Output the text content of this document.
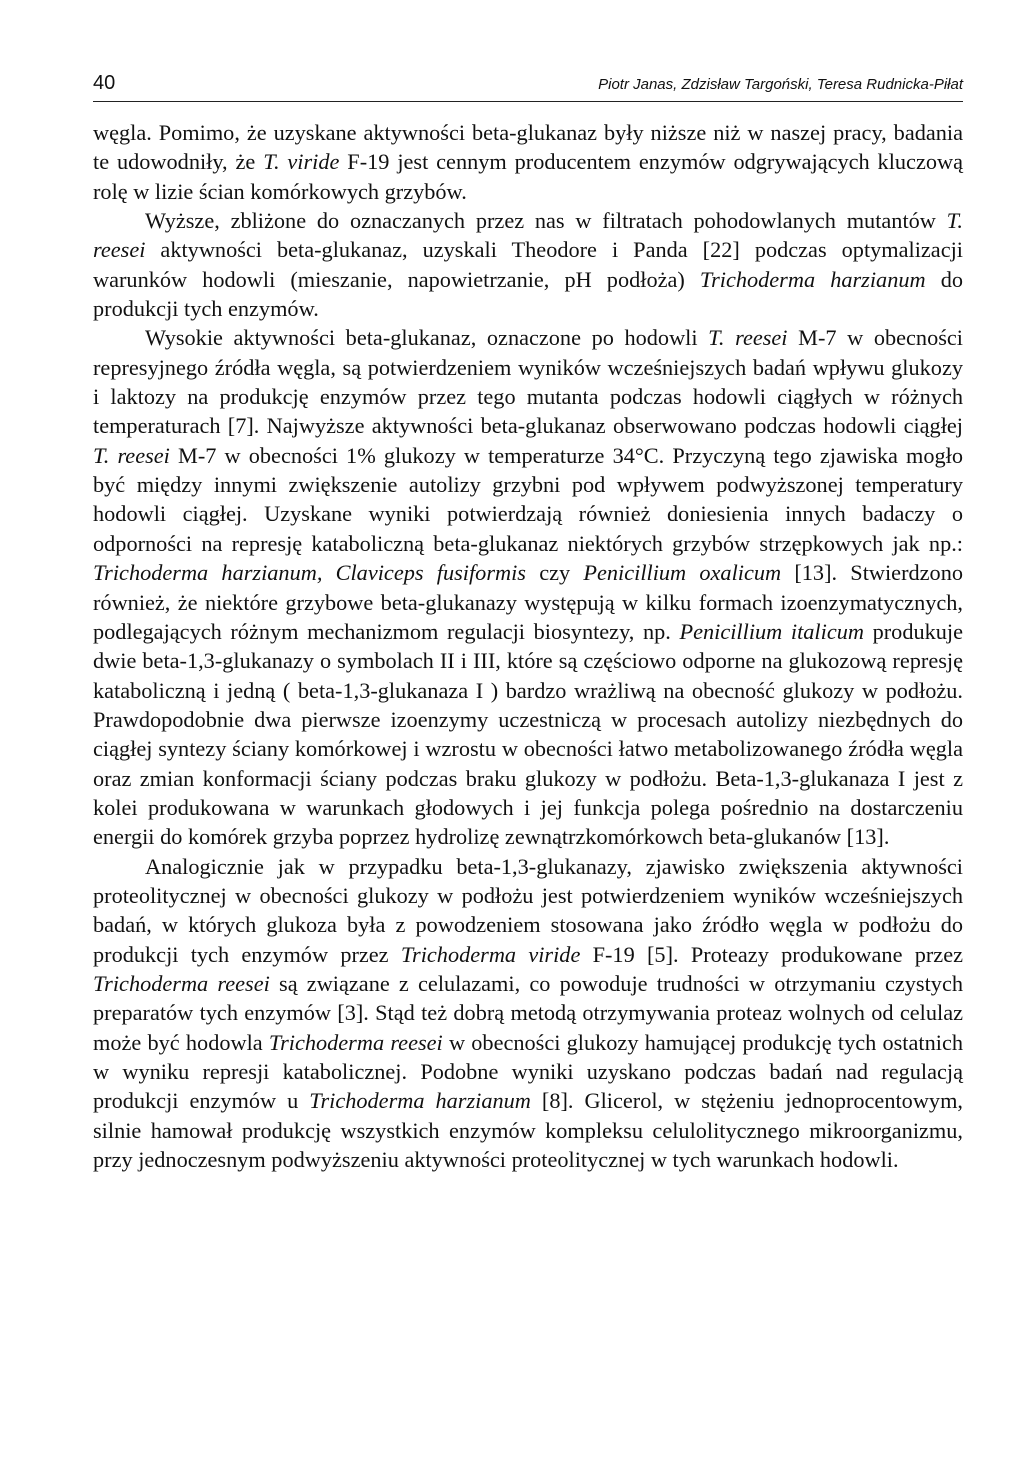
40	Piotr Janas, Zdzisław Targoński, Teresa Rudnicka-Piłat

węgla. Pomimo, że uzyskane aktywności beta-glukanaz były niższe niż w naszej pracy, badania te udowodniły, że T. viride F-19 jest cennym producentem enzymów odgrywających kluczową rolę w lizie ścian komórkowych grzybów.

Wyższe, zbliżone do oznaczanych przez nas w filtratach pohodowlanych mutantów T. reesei aktywności beta-glukanaz, uzyskali Theodore i Panda [22] podczas optymalizacji warunków hodowli (mieszanie, napowietrzanie, pH podłoża) Trichoderma harzianum do produkcji tych enzymów.

Wysokie aktywności beta-glukanaz, oznaczone po hodowli T. reesei M-7 w obecności represyjnego źródła węgla, są potwierdzeniem wyników wcześniejszych badań wpływu glukozy i laktozy na produkcję enzymów przez tego mutanta podczas hodowli ciągłych w różnych temperaturach [7]. Najwyższe aktywności beta-glukanaz obserwowano podczas hodowli ciągłej T. reesei M-7 w obecności 1% glukozy w temperaturze 34°C. Przyczyną tego zjawiska mogło być między innymi zwiększenie autolizy grzybni pod wpływem podwyższonej temperatury hodowli ciągłej. Uzyskane wyniki potwierdzają również doniesienia innych badaczy o odporności na represję kataboliczną beta-glukanaz niektórych grzybów strzępkowych jak np.: Trichoderma harzianum, Claviceps fusiformis czy Penicillium oxalicum [13]. Stwierdzono również, że niektóre grzybowe beta-glukanazy występują w kilku formach izoenzymatycznych, podlegających różnym mechanizmom regulacji biosyntezy, np. Penicillium italicum produkuje dwie beta-1,3-glukanazy o symbolach II i III, które są częściowo odporne na glukozową represję kataboliczną i jedną ( beta-1,3-glukanaza I ) bardzo wrażliwą na obecność glukozy w podłożu. Prawdopodobnie dwa pierwsze izoenzymy uczestniczą w procesach autolizy niezbędnych do ciągłej syntezy ściany komórkowej i wzrostu w obecności łatwo metabolizowanego źródła węgla oraz zmian konformacji ściany podczas braku glukozy w podłożu. Beta-1,3-glukanaza I jest z kolei produkowana w warunkach głodowych i jej funkcja polega pośrednio na dostarczeniu energii do komórek grzyba poprzez hydrolizę zewnątrzkomórkowch beta-glukanów [13].

Analogicznie jak w przypadku beta-1,3-glukanazy, zjawisko zwiększenia aktywności proteolitycznej w obecności glukozy w podłożu jest potwierdzeniem wyników wcześniejszych badań, w których glukoza była z powodzeniem stosowana jako źródło węgla w podłożu do produkcji tych enzymów przez Trichoderma viride F-19 [5]. Proteazy produkowane przez Trichoderma reesei są związane z celulazami, co powoduje trudności w otrzymaniu czystych preparatów tych enzymów [3]. Stąd też dobrą metodą otrzymywania proteaz wolnych od celulaz może być hodowla Trichoderma reesei w obecności glukozy hamującej produkcję tych ostatnich w wyniku represji katabolicznej. Podobne wyniki uzyskano podczas badań nad regulacją produkcji enzymów u Trichoderma harzianum [8]. Glicerol, w stężeniu jednoprocentowym, silnie hamował produkcję wszystkich enzymów kompleksu celulolitycznego mikroorganizmu, przy jednoczesnym podwyższeniu aktywności proteolitycznej w tych warunkach hodowli.
